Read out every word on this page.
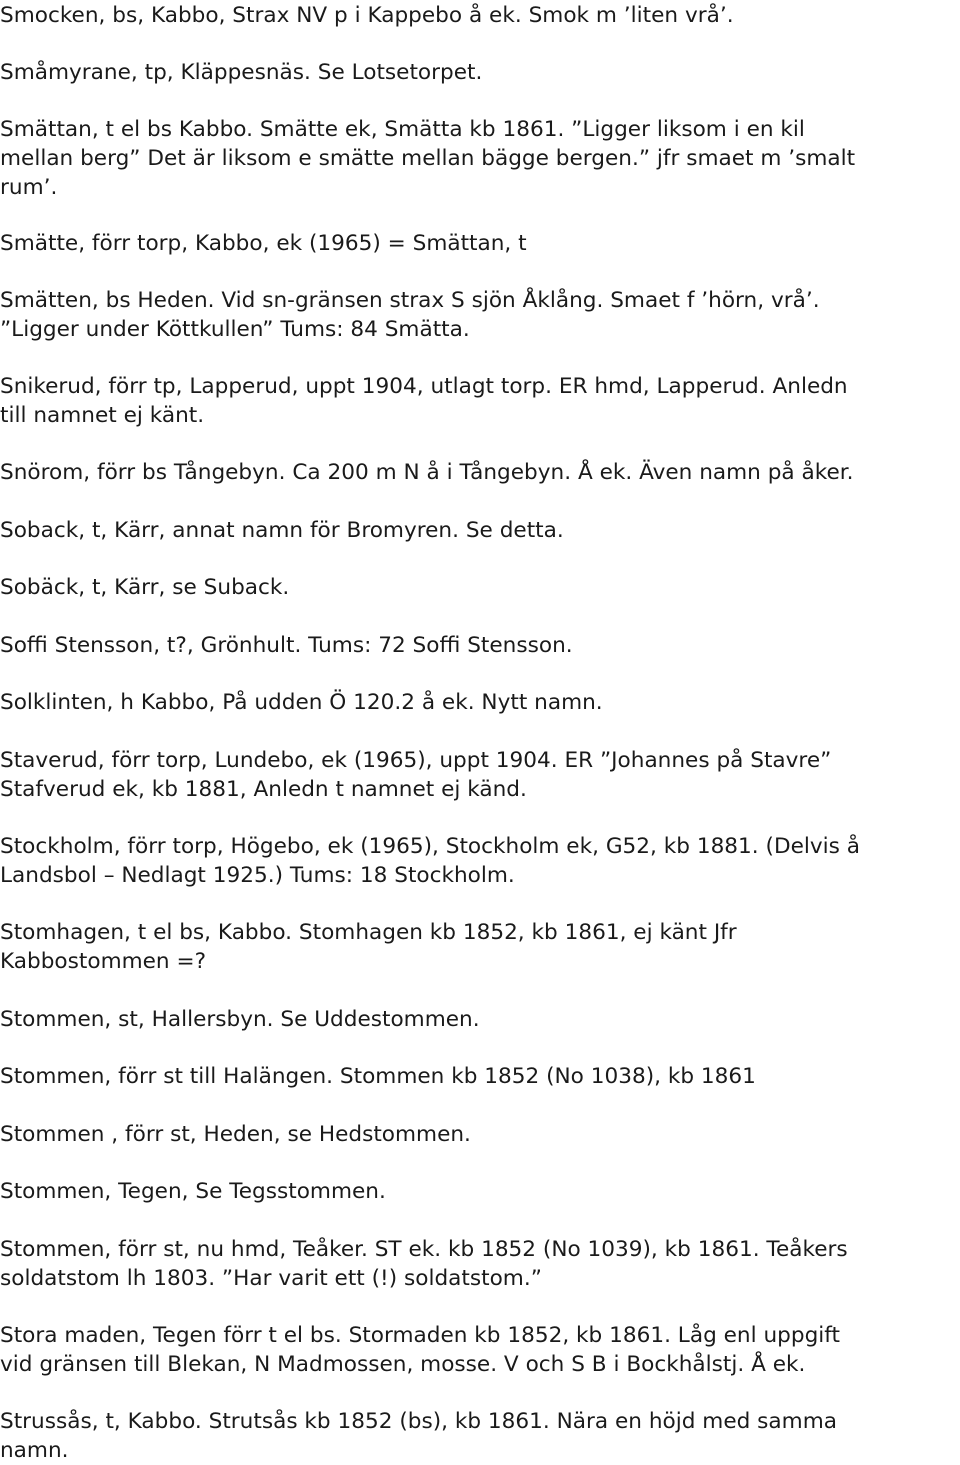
Smocken, bs, Kabbo, Strax NV p i Kappebo å ek. Smok m ’liten vrå’.

Småmyrane, tp, Kläppesnäs. Se Lotsetorpet.

Smättan, t el bs Kabbo. Smätte ek, Smätta kb 1861. ”Ligger liksom i en kil
mellan berg” Det är liksom e smätte mellan bägge bergen.” jfr smaet m ’smalt
rum’.

Smätte, förr torp, Kabbo, ek (1965) = Smättan, t

Smätten, bs Heden. Vid sn-gränsen strax S sjön Åklång. Smaet f ’hörn, vrå’.
”Ligger under Köttkullen” Tums: 84 Smätta.

Snikerud, förr tp, Lapperud, uppt 1904, utlagt torp. ER hmd, Lapperud. Anledn
till namnet ej känt.

Snörom, förr bs Tångebyn. Ca 200 m N å i Tångebyn. Å ek. Även namn på åker.

Soback, t, Kärr, annat namn för Bromyren. Se detta.

Sobäck, t, Kärr, se Suback.

Soffi Stensson, t?, Grönhult. Tums: 72 Soffi Stensson.

Solklinten, h Kabbo, På udden Ö 120.2 å ek. Nytt namn.

Staverud, förr torp, Lundebo, ek (1965), uppt 1904. ER ”Johannes på Stavre”
Stafverud ek, kb 1881, Anledn t namnet ej känd.

Stockholm, förr torp, Högebo, ek (1965), Stockholm ek, G52, kb 1881. (Delvis å
Landsbol – Nedlagt 1925.) Tums: 18 Stockholm.

Stomhagen, t el bs, Kabbo. Stomhagen kb 1852, kb 1861, ej känt Jfr
Kabbostommen =?

Stommen, st, Hallersbyn. Se Uddestommen.

Stommen, förr st till Halängen. Stommen kb 1852 (No 1038), kb 1861

Stommen , förr st, Heden, se Hedstommen.

Stommen, Tegen, Se Tegsstommen.

Stommen, förr st, nu hmd, Teåker. ST ek. kb 1852 (No 1039), kb 1861. Teåkers
soldatstom lh 1803. ”Har varit ett (!) soldatstom.”

Stora maden, Tegen förr t el bs. Stormaden kb 1852, kb 1861. Låg enl uppgift
vid gränsen till Blekan, N Madmossen, mosse. V och S B i Bockhålstj. Å ek.

Strussås, t, Kabbo. Strutsås kb 1852 (bs), kb 1861. Nära en höjd med samma
namn.
